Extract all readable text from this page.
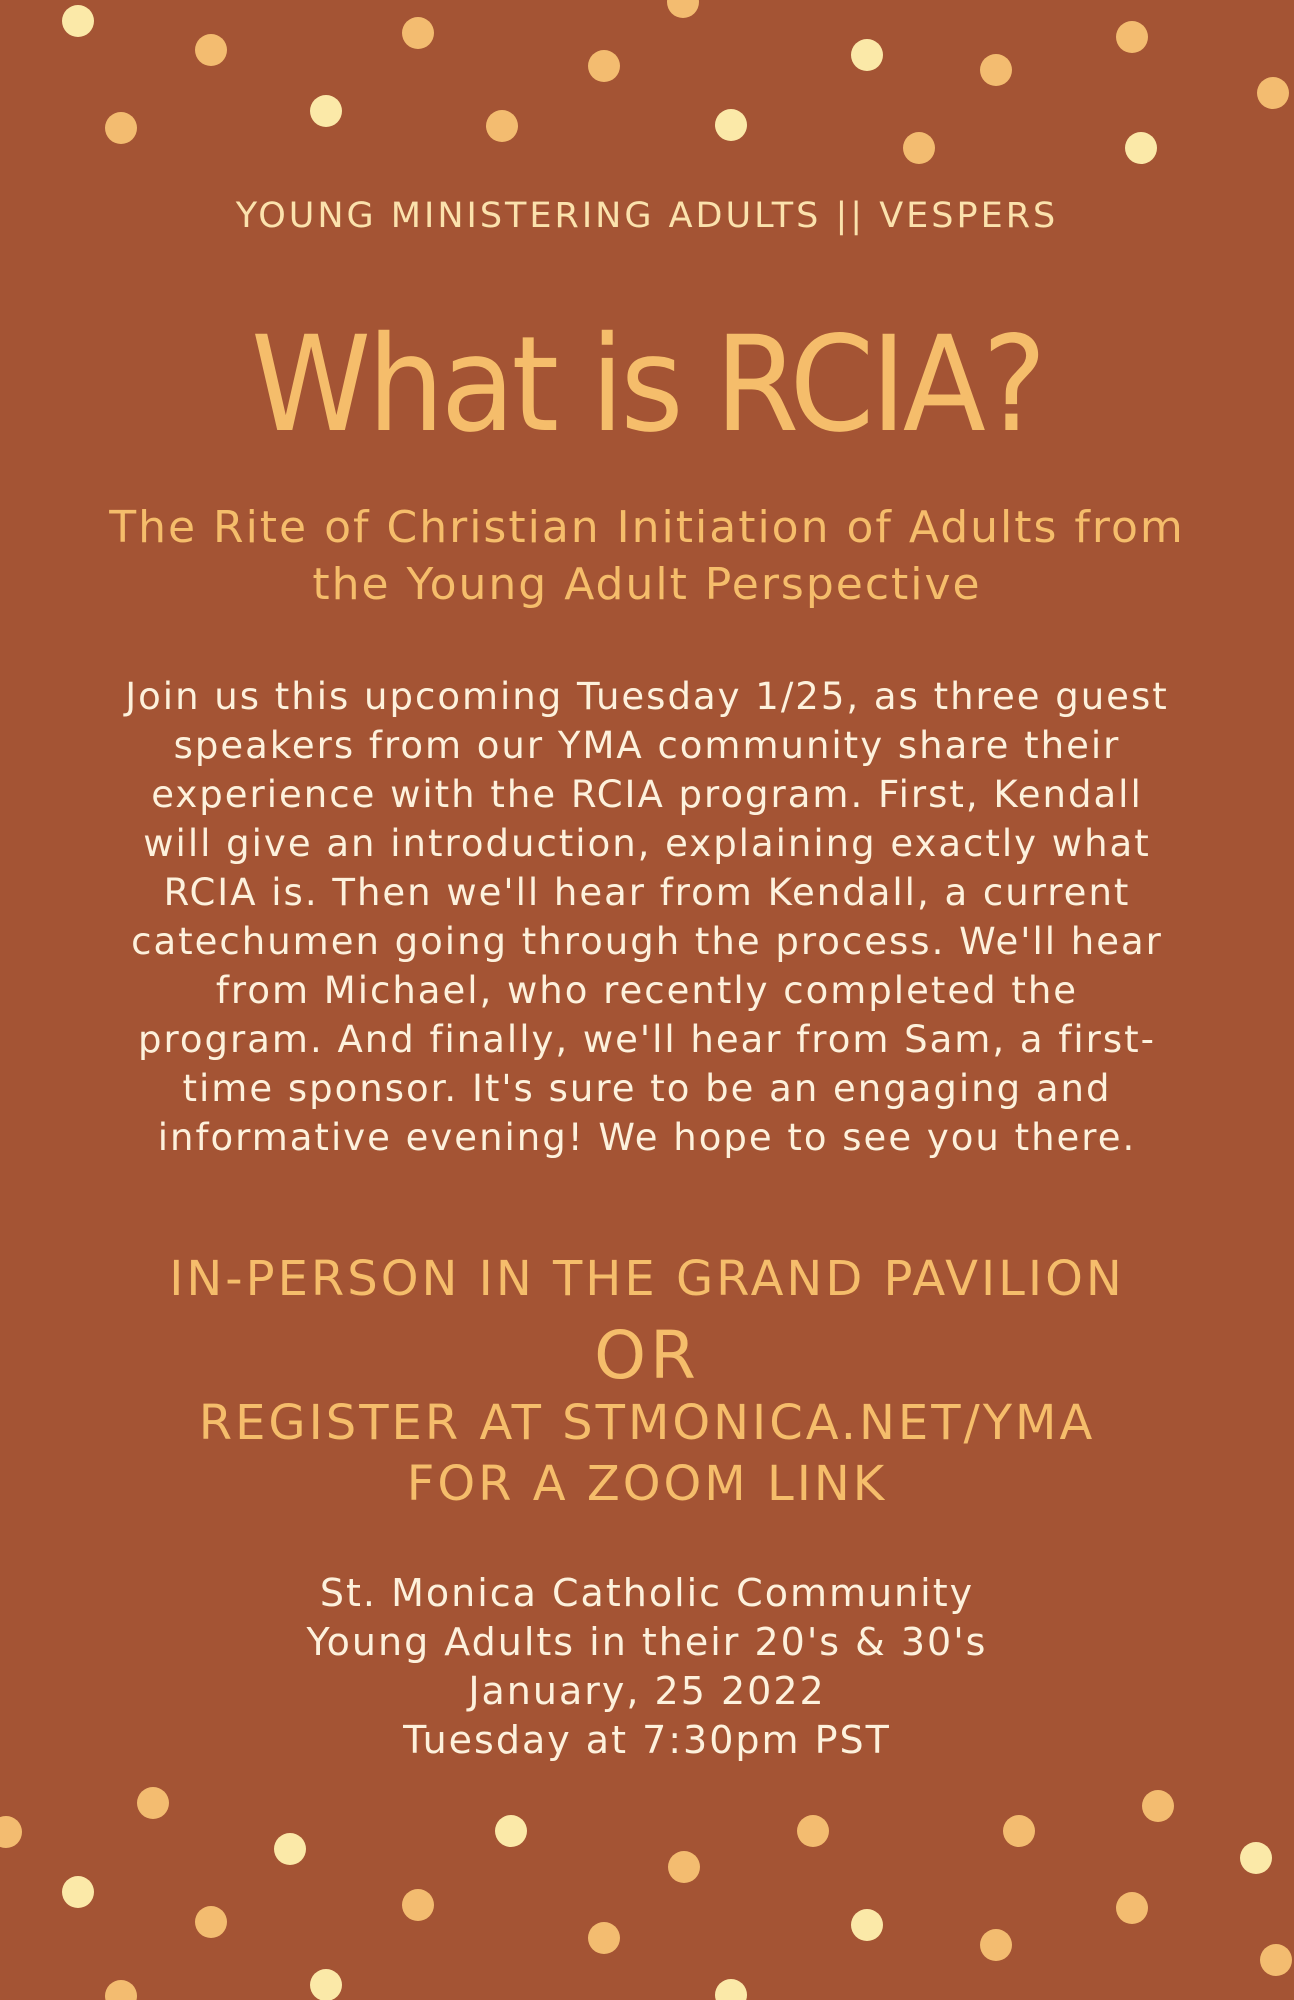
YOUNG MINISTERING ADULTS || VESPERS
What is RCIA?
The Rite of Christian Initiation of Adults from
the Young Adult Perspective
Join us this upcoming Tuesday 1/25, as three guest
speakers from our YMA community share their
experience with the RCIA program. First, Kendall
will give an introduction, explaining exactly what
RCIA is. Then we'll hear from Kendall, a current
catechumen going through the process. We'll hear
from Michael, who recently completed the
program. And finally, we'll hear from Sam, a first-
time sponsor. It's sure to be an engaging and
informative evening! We hope to see you there.
IN-PERSON IN THE GRAND PAVILION
OR
REGISTER AT STMONICA.NET/YMA
FOR A ZOOM LINK
St. Monica Catholic Community
Young Adults in their 20's & 30's
January, 25 2022
Tuesday at 7:30pm PST
